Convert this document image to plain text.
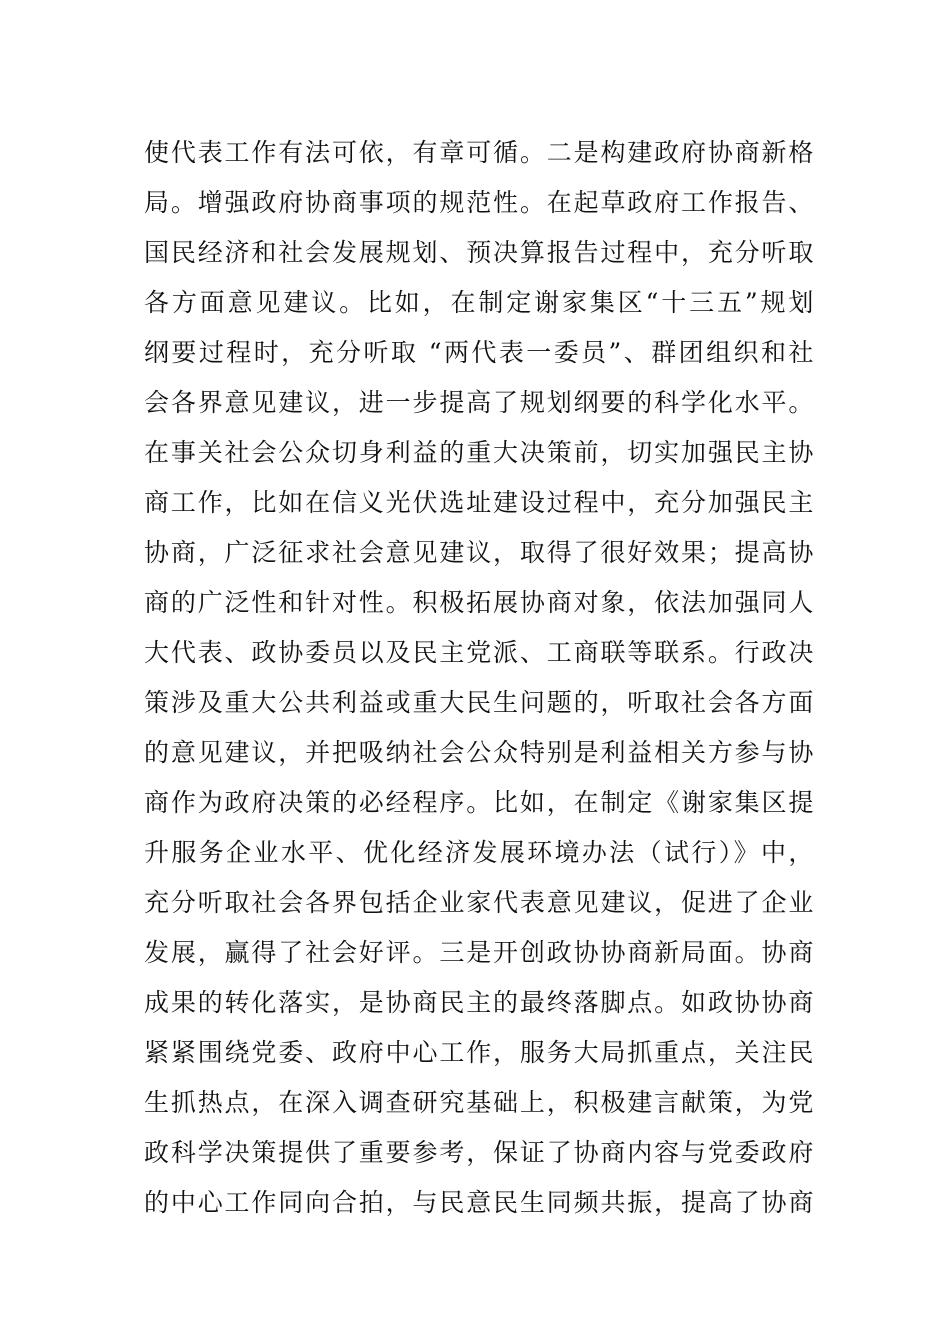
使代表工作有法可依，有章可循。二是构建政府协商新格
局。增强政府协商事项的规范性。在起草政府工作报告、
国民经济和社会发展规划、预决算报告过程中，充分听取
各方面意见建议。比如，在制定谢家集区“十三五”规划
纲要过程时，充分听取 “两代表一委员”、群团组织和社
会各界意见建议，进一步提高了规划纲要的科学化水平。
在事关社会公众切身利益的重大决策前，切实加强民主协
商工作，比如在信义光伏选址建设过程中，充分加强民主
协商，广泛征求社会意见建议，取得了很好效果；提高协
商的广泛性和针对性。积极拓展协商对象，依法加强同人
大代表、政协委员以及民主党派、工商联等联系。行政决
策涉及重大公共利益或重大民生问题的，听取社会各方面
的意见建议，并把吸纳社会公众特别是利益相关方参与协
商作为政府决策的必经程序。比如，在制定《谢家集区提
升服务企业水平、优化经济发展环境办法（试行）》中，
充分听取社会各界包括企业家代表意见建议，促进了企业
发展，赢得了社会好评。三是开创政协协商新局面。协商
成果的转化落实，是协商民主的最终落脚点。如政协协商
紧紧围绕党委、政府中心工作，服务大局抓重点，关注民
生抓热点，在深入调查研究基础上，积极建言献策，为党
政科学决策提供了重要参考，保证了协商内容与党委政府
的中心工作同向合拍，与民意民生同频共振，提高了协商
